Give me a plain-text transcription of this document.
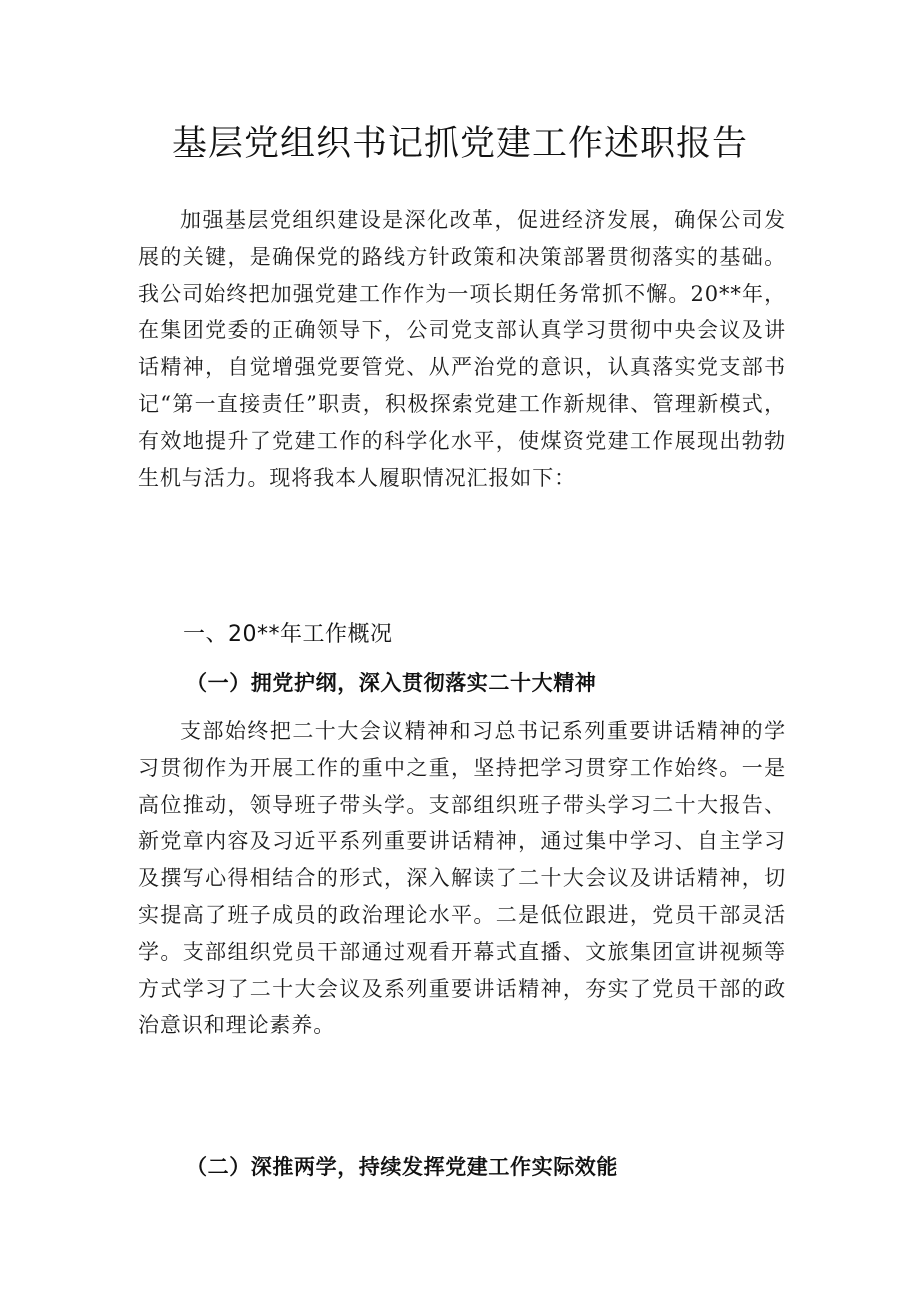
基层党组织书记抓党建工作述职报告

加强基层党组织建设是深化改革，促进经济发展，确保公司发展的关键，是确保党的路线方针政策和决策部署贯彻落实的基础。我公司始终把加强党建工作作为一项长期任务常抓不懈。20**年，在集团党委的正确领导下，公司党支部认真学习贯彻中央会议及讲话精神，自觉增强党要管党、从严治党的意识，认真落实党支部书记“第一直接责任”职责，积极探索党建工作新规律、管理新模式，有效地提升了党建工作的科学化水平，使煤资党建工作展现出勃勃生机与活力。现将我本人履职情况汇报如下：

一、20**年工作概况
（一）拥党护纲，深入贯彻落实二十大精神

支部始终把二十大会议精神和习总书记系列重要讲话精神的学习贯彻作为开展工作的重中之重，坚持把学习贯穿工作始终。一是高位推动，领导班子带头学。支部组织班子带头学习二十大报告、新党章内容及习近平系列重要讲话精神，通过集中学习、自主学习及撰写心得相结合的形式，深入解读了二十大会议及讲话精神，切实提高了班子成员的政治理论水平。二是低位跟进，党员干部灵活学。支部组织党员干部通过观看开幕式直播、文旅集团宣讲视频等方式学习了二十大会议及系列重要讲话精神，夯实了党员干部的政治意识和理论素养。

（二）深推两学，持续发挥党建工作实际效能
